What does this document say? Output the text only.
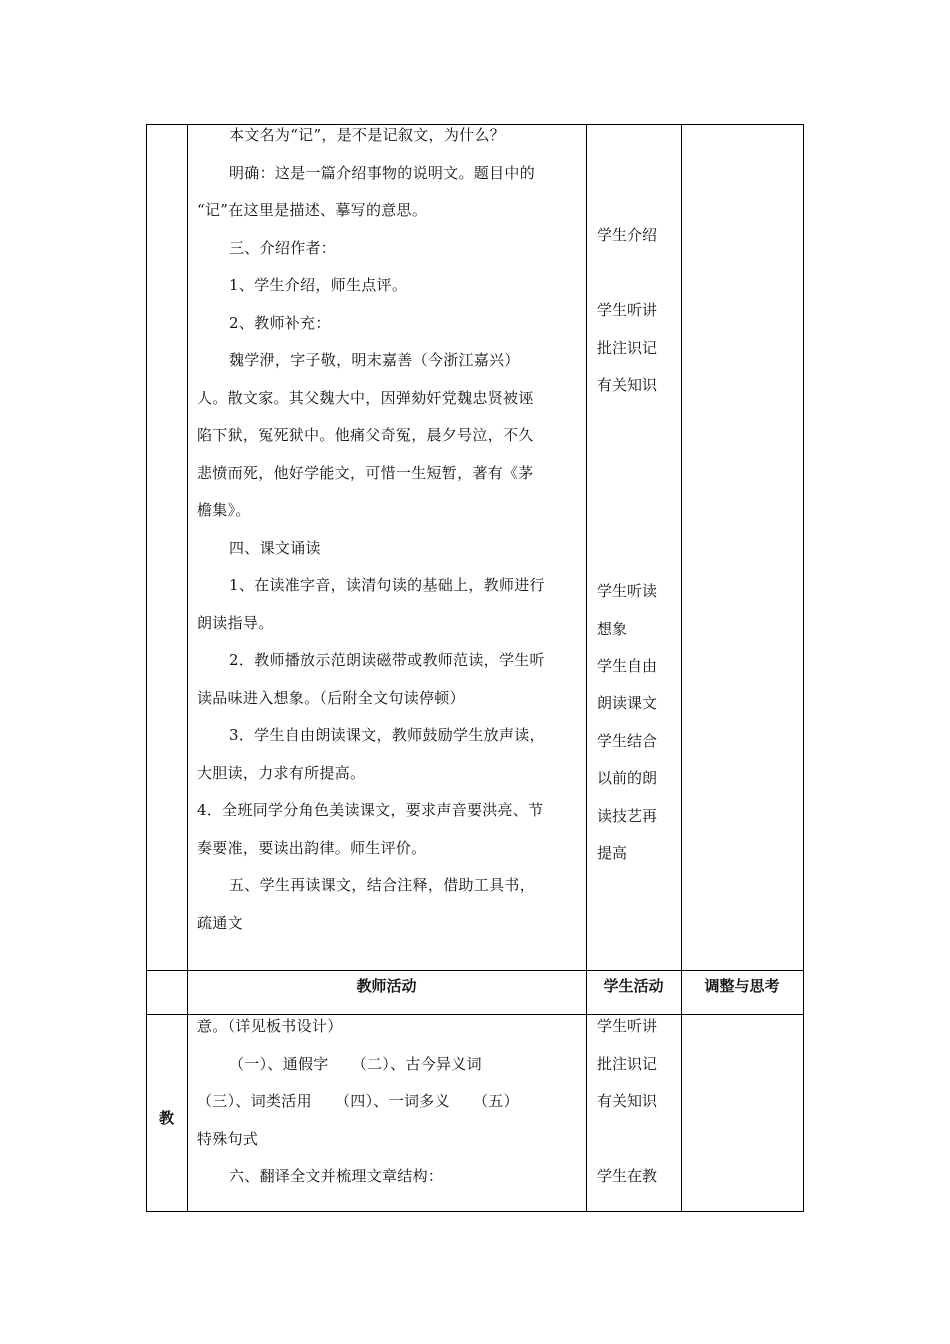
本文名为“记”，是不是记叙文，为什么？
明确：这是一篇介绍事物的说明文。题目中的
“记”在这里是描述、摹写的意思。
三、介绍作者：
1、学生介绍，师生点评。
2、教师补充：
魏学洢，字子敬，明末嘉善（今浙江嘉兴）
人。散文家。其父魏大中，因弹劾奸党魏忠贤被诬
陷下狱，冤死狱中。他痛父奇冤，晨夕号泣，不久
悲愤而死，他好学能文，可惜一生短暂，著有《茅
檐集》。
四、课文诵读
1、在读准字音，读清句读的基础上，教师进行
朗读指导。
2．教师播放示范朗读磁带或教师范读，学生听
读品味进入想象。（后附全文句读停顿）
3．学生自由朗读课文，教师鼓励学生放声读，
大胆读，力求有所提高。
4．全班同学分角色美读课文，要求声音要洪亮、节
奏要准，要读出韵律。师生评价。
五、学生再读课文，结合注释，借助工具书，
疏通文
学生介绍
学生听讲
批注识记
有关知识
学生听读
想象
学生自由
朗读课文
学生结合
以前的朗
读技艺再
提高
教师活动	学生活动	调整与思考
教
意。（详见板书设计）
（一）、通假字　　（二）、古今异义词
（三）、词类活用　　（四）、一词多义　　（五）
特殊句式
六、翻译全文并梳理文章结构：
学生听讲
批注识记
有关知识
学生在教
